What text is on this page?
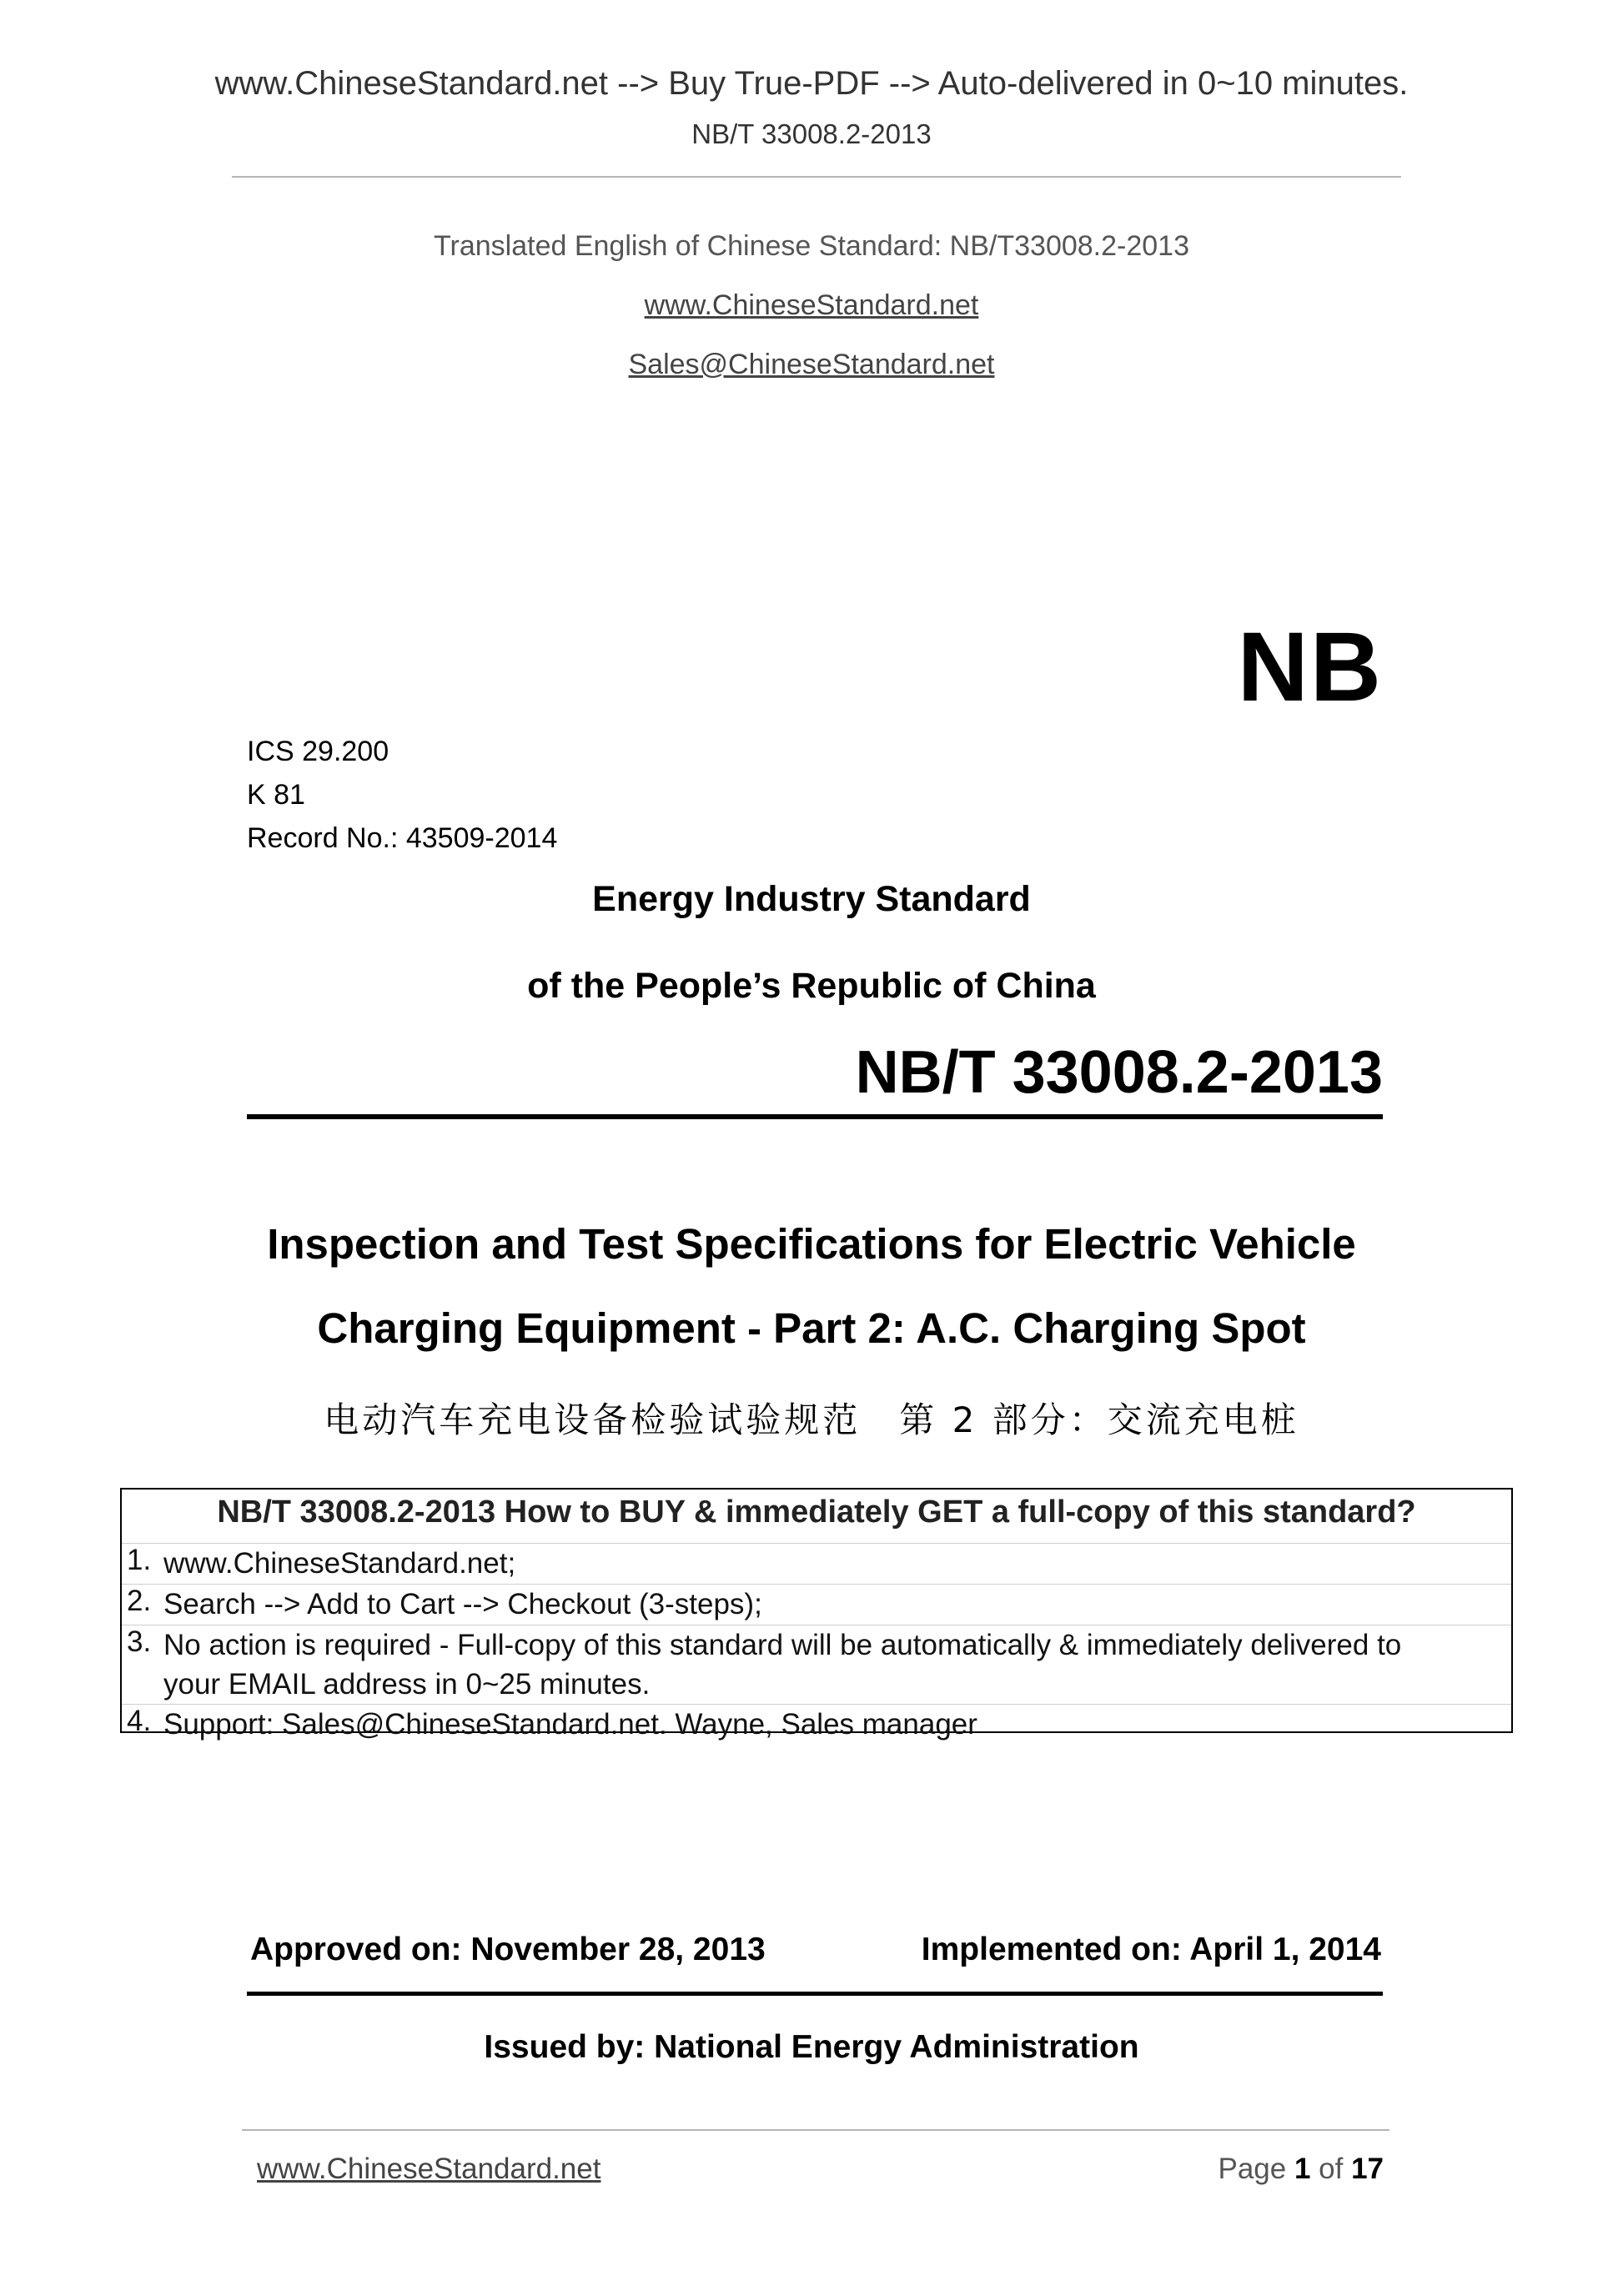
www.ChineseStandard.net --> Buy True-PDF --> Auto-delivered in 0~10 minutes.
NB/T 33008.2-2013
Translated English of Chinese Standard: NB/T33008.2-2013
www.ChineseStandard.net
Sales@ChineseStandard.net
NB
ICS 29.200
K 81
Record No.: 43509-2014
Energy Industry Standard
of the People’s Republic of China
NB/T 33008.2-2013
Inspection and Test Specifications for Electric Vehicle
Charging Equipment - Part 2: A.C. Charging Spot
电动汽车充电设备检验试验规范　第 2 部分：交流充电桩
NB/T 33008.2-2013 How to BUY & immediately GET a full-copy of this standard?
1. www.ChineseStandard.net;
2. Search --> Add to Cart --> Checkout (3-steps);
3. No action is required - Full-copy of this standard will be automatically & immediately delivered to
your EMAIL address in 0~25 minutes.
4. Support: Sales@ChineseStandard.net. Wayne, Sales manager
Approved on: November 28, 2013	Implemented on: April 1, 2014
Issued by: National Energy Administration
www.ChineseStandard.net	Page 1 of 17
